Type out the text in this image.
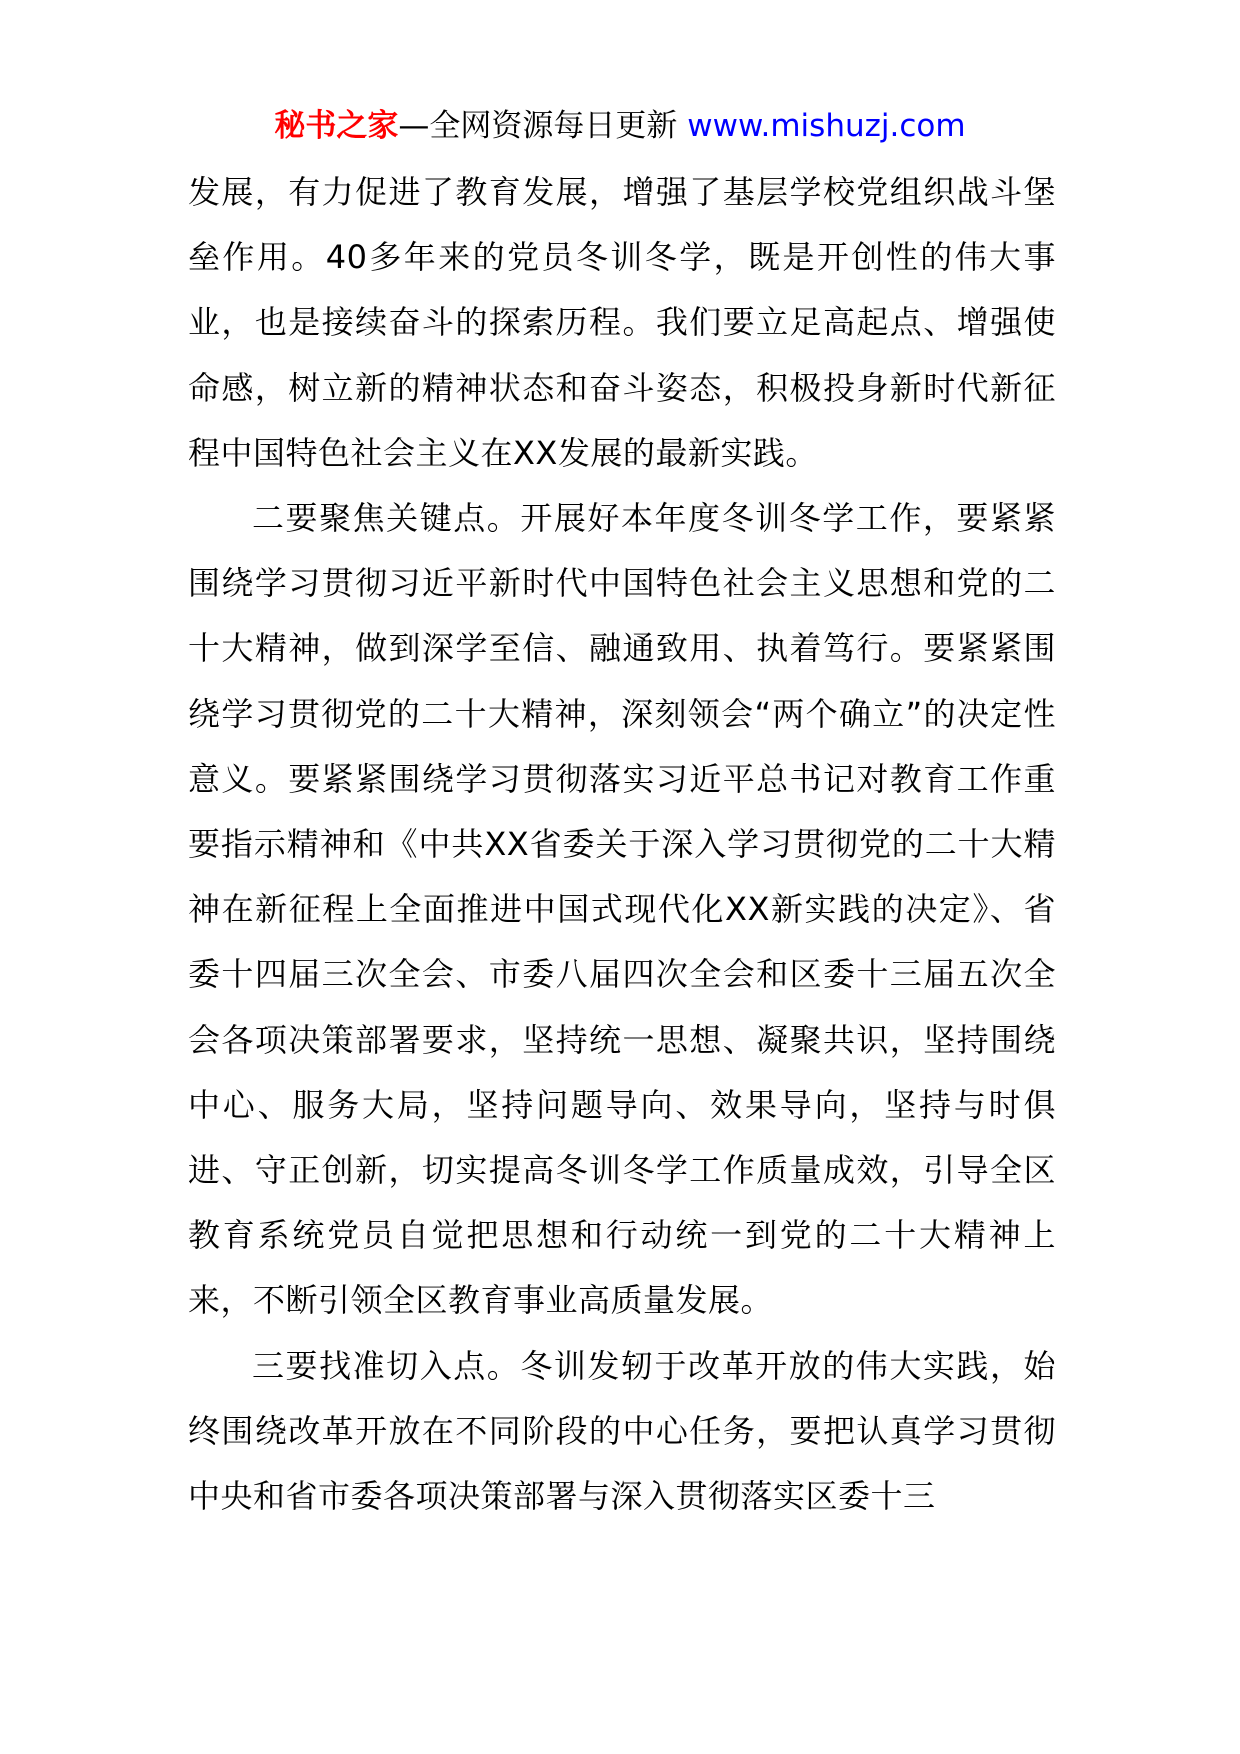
秘书之家—全网资源每日更新 www.mishuzj.com

发展，有力促进了教育发展，增强了基层学校党组织战斗堡垒作用。40多年来的党员冬训冬学，既是开创性的伟大事业，也是接续奋斗的探索历程。我们要立足高起点、增强使命感，树立新的精神状态和奋斗姿态，积极投身新时代新征程中国特色社会主义在XX发展的最新实践。

二要聚焦关键点。开展好本年度冬训冬学工作，要紧紧围绕学习贯彻习近平新时代中国特色社会主义思想和党的二十大精神，做到深学至信、融通致用、执着笃行。要紧紧围绕学习贯彻党的二十大精神，深刻领会“两个确立”的决定性意义。要紧紧围绕学习贯彻落实习近平总书记对教育工作重要指示精神和《中共XX省委关于深入学习贯彻党的二十大精神在新征程上全面推进中国式现代化XX新实践的决定》、省委十四届三次全会、市委八届四次全会和区委十三届五次全会各项决策部署要求，坚持统一思想、凝聚共识，坚持围绕中心、服务大局，坚持问题导向、效果导向，坚持与时俱进、守正创新，切实提高冬训冬学工作质量成效，引导全区教育系统党员自觉把思想和行动统一到党的二十大精神上来，不断引领全区教育事业高质量发展。

三要找准切入点。冬训发轫于改革开放的伟大实践，始终围绕改革开放在不同阶段的中心任务，要把认真学习贯彻中央和省市委各项决策部署与深入贯彻落实区委十三
